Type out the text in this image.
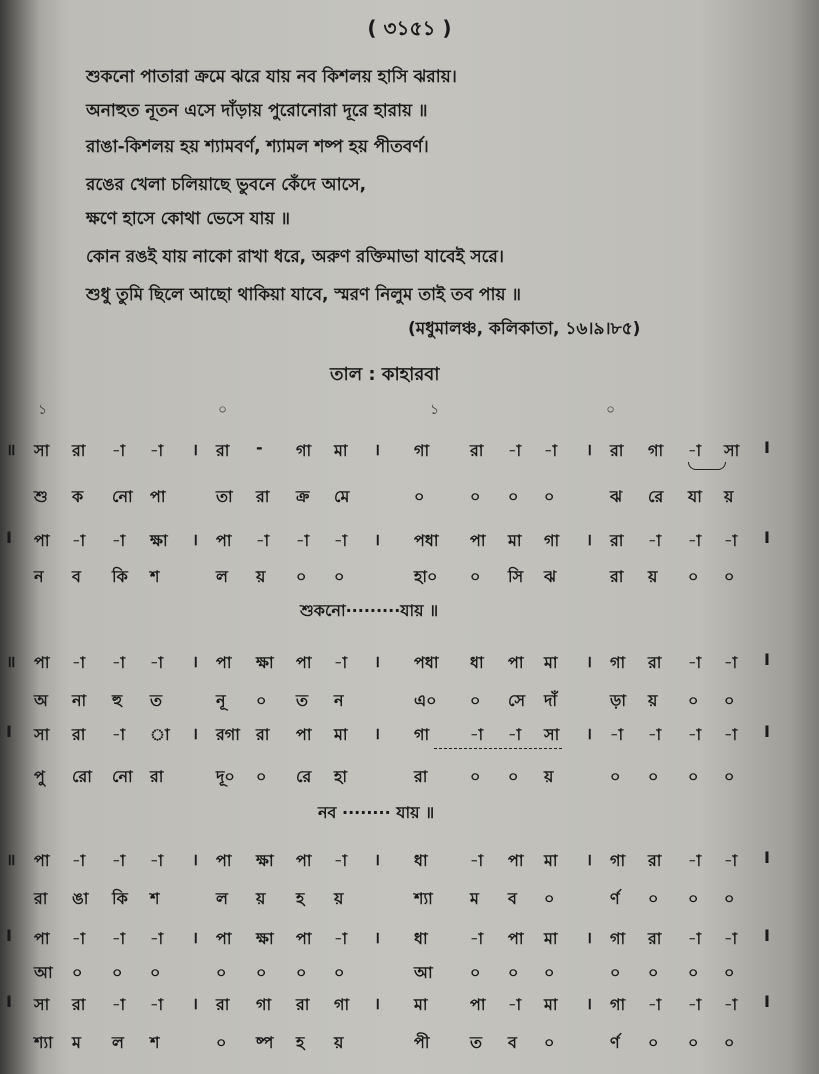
( ৩১৫১ )
শুকনো পাতারা ক্রমে ঝরে যায় নব কিশলয় হাসি ঝরায়।
অনাহুত নূতন এসে দাঁড়ায় পুরোনোরা দূরে হারায় ॥
রাঙা-কিশলয় হয় শ্যামবর্ণ, শ্যামল শষ্প হয় পীতবর্ণ।
রঙের খেলা চলিয়াছে ভুবনে কেঁদে আসে,
ক্ষণে হাসে কোথা ভেসে যায় ॥
কোন রঙই যায় নাকো রাখা ধরে, অরুণ রক্তিমাভা যাবেই সরে।
শুধু তুমি ছিলে আছো থাকিয়া যাবে, স্মরণ নিলুম তাই তব পায় ॥
(মধুমালঞ্চ, কলিকাতা, ১৬।৯।৮৫)
তাল : কাহারবা
১	০	১	০
॥ সা রা -া -া । রা - গা মা । গা	রা -া -া । রা গা -া সা I
শু ক নো পা	তা রা ক্র মে	০	০ ০ ০	ঝ রে যা য়
I পা -া -া ক্ষা । পা -া -া -া । পধা পা মা গা । রা -া -া -া I
ন ব কি শ	ল য় ০ ০	হা০ ০ সি ঝ	রা য় ০ ০
॥ পা -া -া -া । পা ক্ষা পা -া । পধা ধা পা মা । গা রা -া -া I
অ না হু ত	নূ ০ ত ন	এ০ ০ সে দাঁ	ড়া য় ০ ০
I সা রা -া া । রগা রা পা মা । গা	-া -া সা । -া -া -া -া I
পু রো নো রা	দূ০ ০ রে হা	রা	০ ০ য়	০ ০ ০ ০
॥ পা -া -া -া । পা ক্ষা পা -া । ধা	-া পা মা । গা রা -া -া I
রা ঙা কি শ	ল য় হ য়	শ্যা ম ব ০	র্ণ ০ ০ ০
I পা -া -া -া । পা ক্ষা পা -া । ধা	-া পা মা । গা রা -া -া I
আ ০ ০ ০	০ ০ ০ ০	আ ০ ০ ০	০ ০ ০ ০
I সা রা -া -া । রা গা রা গা । মা	পা -া মা । গা -া -া -া I
শ্যা ম ল শ	০ ষ্প হ য়	পী	ত ব ০	র্ণ ০ ০ ০
শুকনো·········যায় ॥
নব ········ যায় ॥
